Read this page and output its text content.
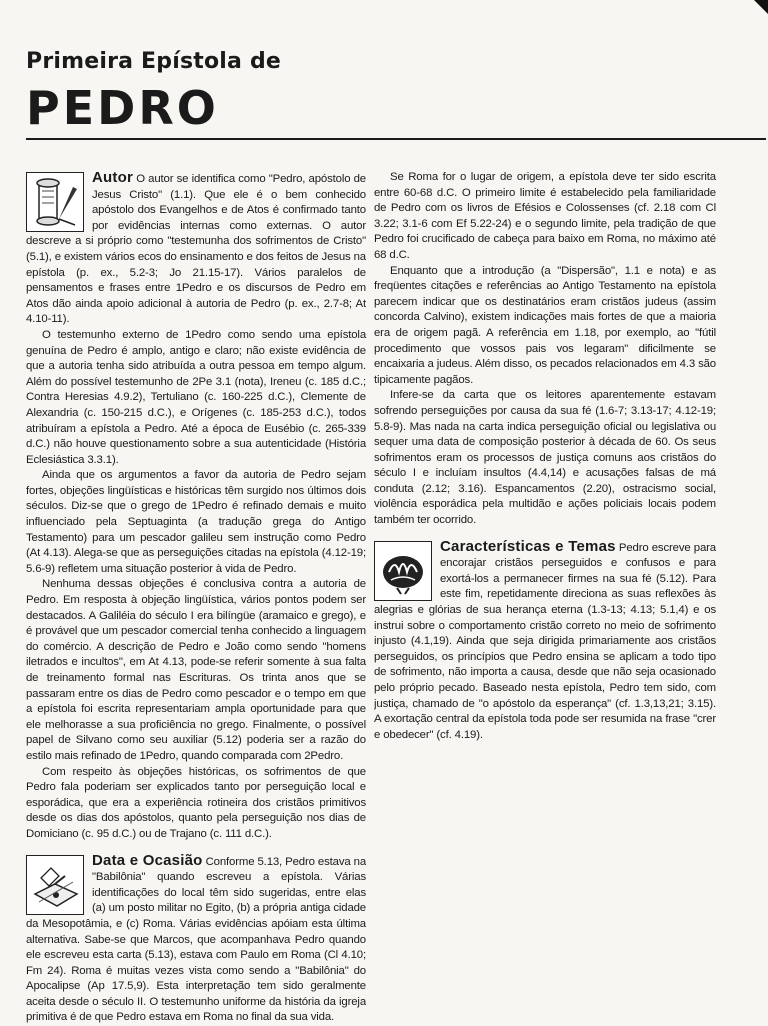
Primeira Epístola de
PEDRO

Autor O autor se identifica como "Pedro, apóstolo de Jesus Cristo" (1.1). Que ele é o bem conhecido apóstolo dos Evangelhos e de Atos é confirmado tanto por evidências internas como externas. O autor descreve a si próprio como "testemunha dos sofrimentos de Cristo" (5.1), e existem vários ecos do ensinamento e dos feitos de Jesus na epístola (p. ex., 5.2-3; Jo 21.15-17). Vários paralelos de pensamentos e frases entre 1Pedro e os discursos de Pedro em Atos dão ainda apoio adicional à autoria de Pedro (p. ex., 2.7-8; At 4.10-11).

O testemunho externo de 1Pedro como sendo uma epístola genuína de Pedro é amplo, antigo e claro; não existe evidência de que a autoria tenha sido atribuída a outra pessoa em tempo algum. Além do possível testemunho de 2Pe 3.1 (nota), Ireneu (c. 185 d.C.; Contra Heresias 4.9.2), Tertuliano (c. 160-225 d.C.), Clemente de Alexandria (c. 150-215 d.C.), e Orígenes (c. 185-253 d.C.), todos atribuíram a epístola a Pedro. Até a época de Eusébio (c. 265-339 d.C.) não houve questionamento sobre a sua autenticidade (História Eclesiástica 3.3.1).

Ainda que os argumentos a favor da autoria de Pedro sejam fortes, objeções lingüísticas e históricas têm surgido nos últimos dois séculos. Diz-se que o grego de 1Pedro é refinado demais e muito influenciado pela Septuaginta (a tradução grega do Antigo Testamento) para um pescador galileu sem instrução como Pedro (At 4.13). Alega-se que as perseguições citadas na epístola (4.12-19; 5.6-9) refletem uma situação posterior à vida de Pedro.

Nenhuma dessas objeções é conclusiva contra a autoria de Pedro. Em resposta à objeção lingüística, vários pontos podem ser destacados. A Galiléia do século I era bilíngüe (aramaico e grego), e é provável que um pescador comercial tenha conhecido a linguagem do comércio. A descrição de Pedro e João como sendo "homens iletrados e incultos", em At 4.13, pode-se referir somente à sua falta de treinamento formal nas Escrituras. Os trinta anos que se passaram entre os dias de Pedro como pescador e o tempo em que a epístola foi escrita representariam ampla oportunidade para que ele melhorasse a sua proficiência no grego. Finalmente, o possível papel de Silvano como seu auxiliar (5.12) poderia ser a razão do estilo mais refinado de 1Pedro, quando comparada com 2Pedro.

Com respeito às objeções históricas, os sofrimentos de que Pedro fala poderiam ser explicados tanto por perseguição local e esporádica, que era a experiência rotineira dos cristãos primitivos desde os dias dos apóstolos, quanto pela perseguição nos dias de Domiciano (c. 95 d.C.) ou de Trajano (c. 111 d.C.).

Data e Ocasião Conforme 5.13, Pedro estava na "Babilônia" quando escreveu a epístola. Várias identificações do local têm sido sugeridas, entre elas (a) um posto militar no Egito, (b) a própria antiga cidade da Mesopotâmia, e (c) Roma. Várias evidências apóiam esta última alternativa. Sabe-se que Marcos, que acompanhava Pedro quando ele escreveu esta carta (5.13), estava com Paulo em Roma (Cl 4.10; Fm 24). Roma é muitas vezes vista como sendo a "Babilônia" do Apocalipse (Ap 17.5,9). Esta interpretação tem sido geralmente aceita desde o século II. O testemunho uniforme da história da igreja primitiva é de que Pedro estava em Roma no final da sua vida.

Se Roma for o lugar de origem, a epístola deve ter sido escrita entre 60-68 d.C. O primeiro limite é estabelecido pela familiaridade de Pedro com os livros de Efésios e Colossenses (cf. 2.18 com Cl 3.22; 3.1-6 com Ef 5.22-24) e o segundo limite, pela tradição de que Pedro foi crucificado de cabeça para baixo em Roma, no máximo até 68 d.C.

Enquanto que a introdução (a "Dispersão", 1.1 e nota) e as freqüentes citações e referências ao Antigo Testamento na epístola parecem indicar que os destinatários eram cristãos judeus (assim concorda Calvino), existem indicações mais fortes de que a maioria era de origem pagã. A referência em 1.18, por exemplo, ao "fútil procedimento que vossos pais vos legaram" dificilmente se encaixaria a judeus. Além disso, os pecados relacionados em 4.3 são tipicamente pagãos.

Infere-se da carta que os leitores aparentemente estavam sofrendo perseguições por causa da sua fé (1.6-7; 3.13-17; 4.12-19; 5.8-9). Mas nada na carta indica perseguição oficial ou legislativa ou sequer uma data de composição posterior à década de 60. Os seus sofrimentos eram os processos de justiça comuns aos cristãos do século I e incluíam insultos (4.4,14) e acusações falsas de má conduta (2.12; 3.16). Espancamentos (2.20), ostracismo social, violência esporádica pela multidão e ações policiais locais podem também ter ocorrido.

Características e Temas Pedro escreve para encorajar cristãos perseguidos e confusos e para exortá-los a permanecer firmes na sua fé (5.12). Para este fim, repetidamente direciona as suas reflexões às alegrias e glórias de sua herança eterna (1.3-13; 4.13; 5.1,4) e os instrui sobre o comportamento cristão correto no meio de sofrimento injusto (4.1,19). Ainda que seja dirigida primariamente aos cristãos perseguidos, os princípios que Pedro ensina se aplicam a todo tipo de sofrimento, não importa a causa, desde que não seja ocasionado pelo próprio pecado. Baseado nesta epístola, Pedro tem sido, com justiça, chamado de "o apóstolo da esperança" (cf. 1.3,13,21; 3.15). A exortação central da epístola toda pode ser resumida na frase "crer e obedecer" (cf. 4.19).
